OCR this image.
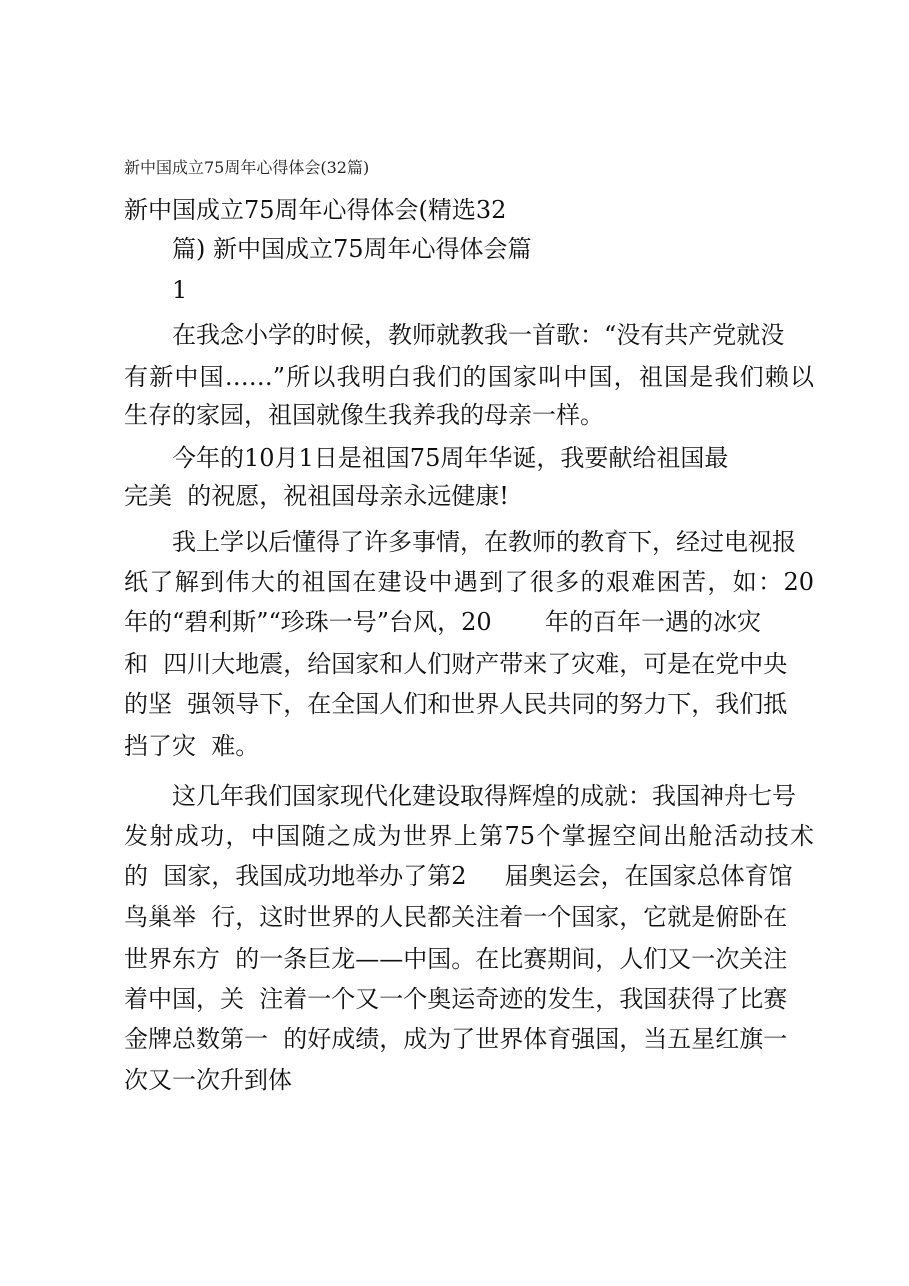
新中国成立75周年心得体会(32篇)
新中国成立75周年心得体会(精选32
篇) 新中国成立75周年心得体会篇
1
在我念小学的时候，教师就教我一首歌：“没有共产党就没
有新中国……”所以我明白我们的国家叫中国，祖国是我们赖以
生存的家园，祖国就像生我养我的母亲一样。
今年的10月1日是祖国75周年华诞，我要献给祖国最
完美  的祝愿，祝祖国母亲永远健康!
我上学以后懂得了许多事情，在教师的教育下，经过电视报
纸了解到伟大的祖国在建设中遇到了很多的艰难困苦，如：20
年的“碧利斯”“珍珠一号”台风，20       年的百年一遇的冰灾
和  四川大地震，给国家和人们财产带来了灾难，可是在党中央
的坚  强领导下，在全国人们和世界人民共同的努力下，我们抵
挡了灾  难。
这几年我们国家现代化建设取得辉煌的成就：我国神舟七号
发射成功，中国随之成为世界上第75个掌握空间出舱活动技术
的  国家，我国成功地举办了第2     届奥运会，在国家总体育馆
鸟巢举  行，这时世界的人民都关注着一个国家，它就是俯卧在
世界东方  的一条巨龙——中国。在比赛期间，人们又一次关注
着中国，关  注着一个又一个奥运奇迹的发生，我国获得了比赛
金牌总数第一  的好成绩，成为了世界体育强国，当五星红旗一
次又一次升到体
